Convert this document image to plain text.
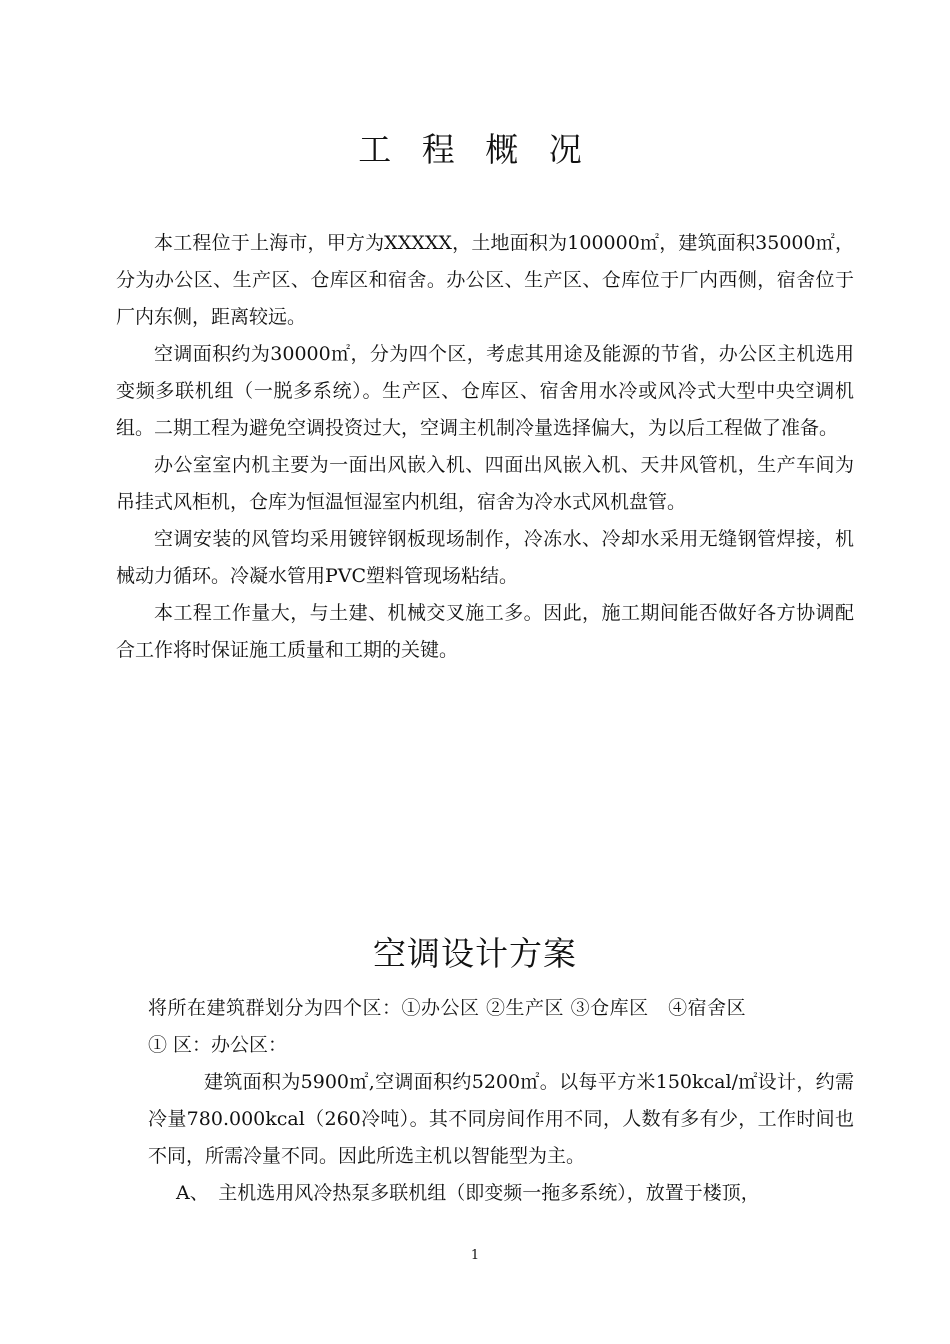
工 程 概 况

本工程位于上海市，甲方为XXXXX，土地面积为100000㎡，建筑面积35000㎡，分为办公区、生产区、仓库区和宿舍。办公区、生产区、仓库位于厂内西侧，宿舍位于厂内东侧，距离较远。

空调面积约为30000㎡，分为四个区，考虑其用途及能源的节省，办公区主机选用变频多联机组（一脱多系统）。生产区、仓库区、宿舍用水冷或风冷式大型中央空调机组。二期工程为避免空调投资过大，空调主机制冷量选择偏大，为以后工程做了准备。

办公室室内机主要为一面出风嵌入机、四面出风嵌入机、天井风管机，生产车间为吊挂式风柜机，仓库为恒温恒湿室内机组，宿舍为冷水式风机盘管。

空调安装的风管均采用镀锌钢板现场制作，冷冻水、冷却水采用无缝钢管焊接，机械动力循环。冷凝水管用PVC塑料管现场粘结。

本工程工作量大，与土建、机械交叉施工多。因此，施工期间能否做好各方协调配合工作将时保证施工质量和工期的关键。

空调设计方案

将所在建筑群划分为四个区：①办公区 ②生产区 ③仓库区　④宿舍区

① 区：办公区：

建筑面积为5900㎡,空调面积约5200㎡。以每平方米150kcal/㎡设计，约需冷量780.000kcal（260冷吨）。其不同房间作用不同，人数有多有少，工作时间也不同，所需冷量不同。因此所选主机以智能型为主。

A、　主机选用风冷热泵多联机组（即变频一拖多系统），放置于楼顶，

1
